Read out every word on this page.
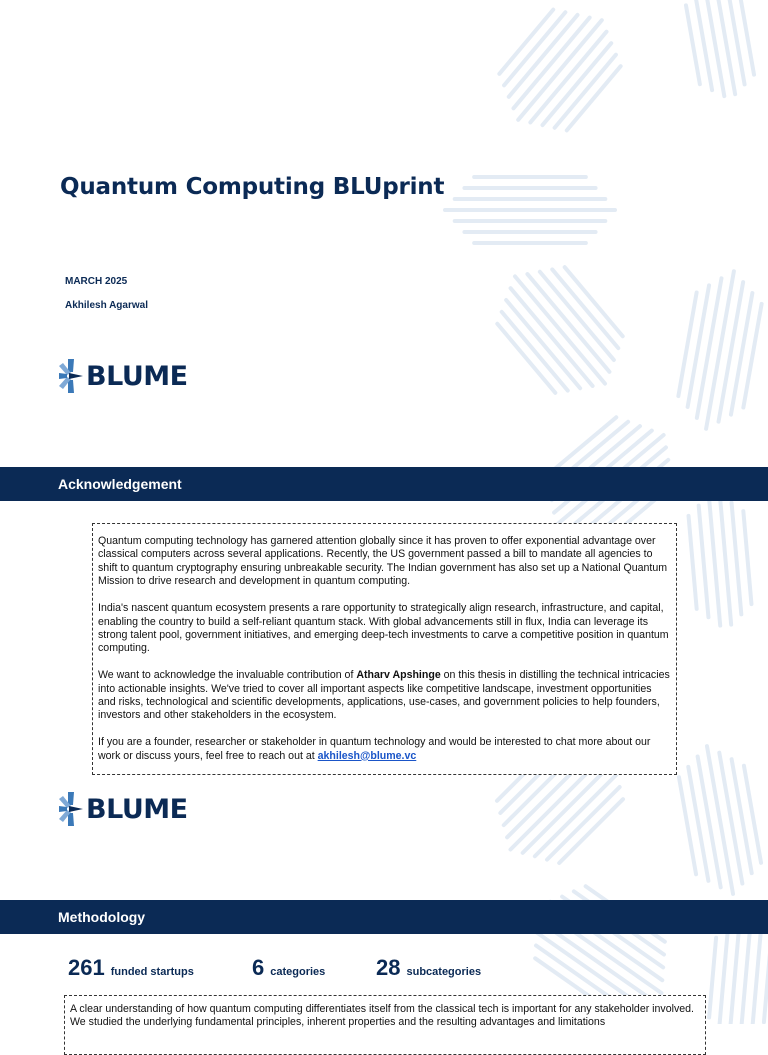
Quantum Computing BLUprint
MARCH 2025
Akhilesh Agarwal
BLUME
Acknowledgement

Quantum computing technology has garnered attention globally since it has proven to offer exponential advantage over classical computers across several applications. Recently, the US government passed a bill to mandate all agencies to shift to quantum cryptography ensuring unbreakable security. The Indian government has also set up a National Quantum Mission to drive research and development in quantum computing.

India's nascent quantum ecosystem presents a rare opportunity to strategically align research, infrastructure, and capital, enabling the country to build a self-reliant quantum stack. With global advancements still in flux, India can leverage its strong talent pool, government initiatives, and emerging deep-tech investments to carve a competitive position in quantum computing.

We want to acknowledge the invaluable contribution of Atharv Apshinge on this thesis in distilling the technical intricacies into actionable insights. We've tried to cover all important aspects like competitive landscape, investment opportunities and risks, technological and scientific developments, applications, use-cases, and government policies to help founders, investors and other stakeholders in the ecosystem.

If you are a founder, researcher or stakeholder in quantum technology and would be interested to chat more about our work or discuss yours, feel free to reach out at akhilesh@blume.vc

BLUME
Methodology
261 funded startups	6 categories 28 subcategories

A clear understanding of how quantum computing differentiates itself from the classical tech is important for any stakeholder involved. We studied the underlying fundamental principles, inherent properties and the resulting advantages and limitations
